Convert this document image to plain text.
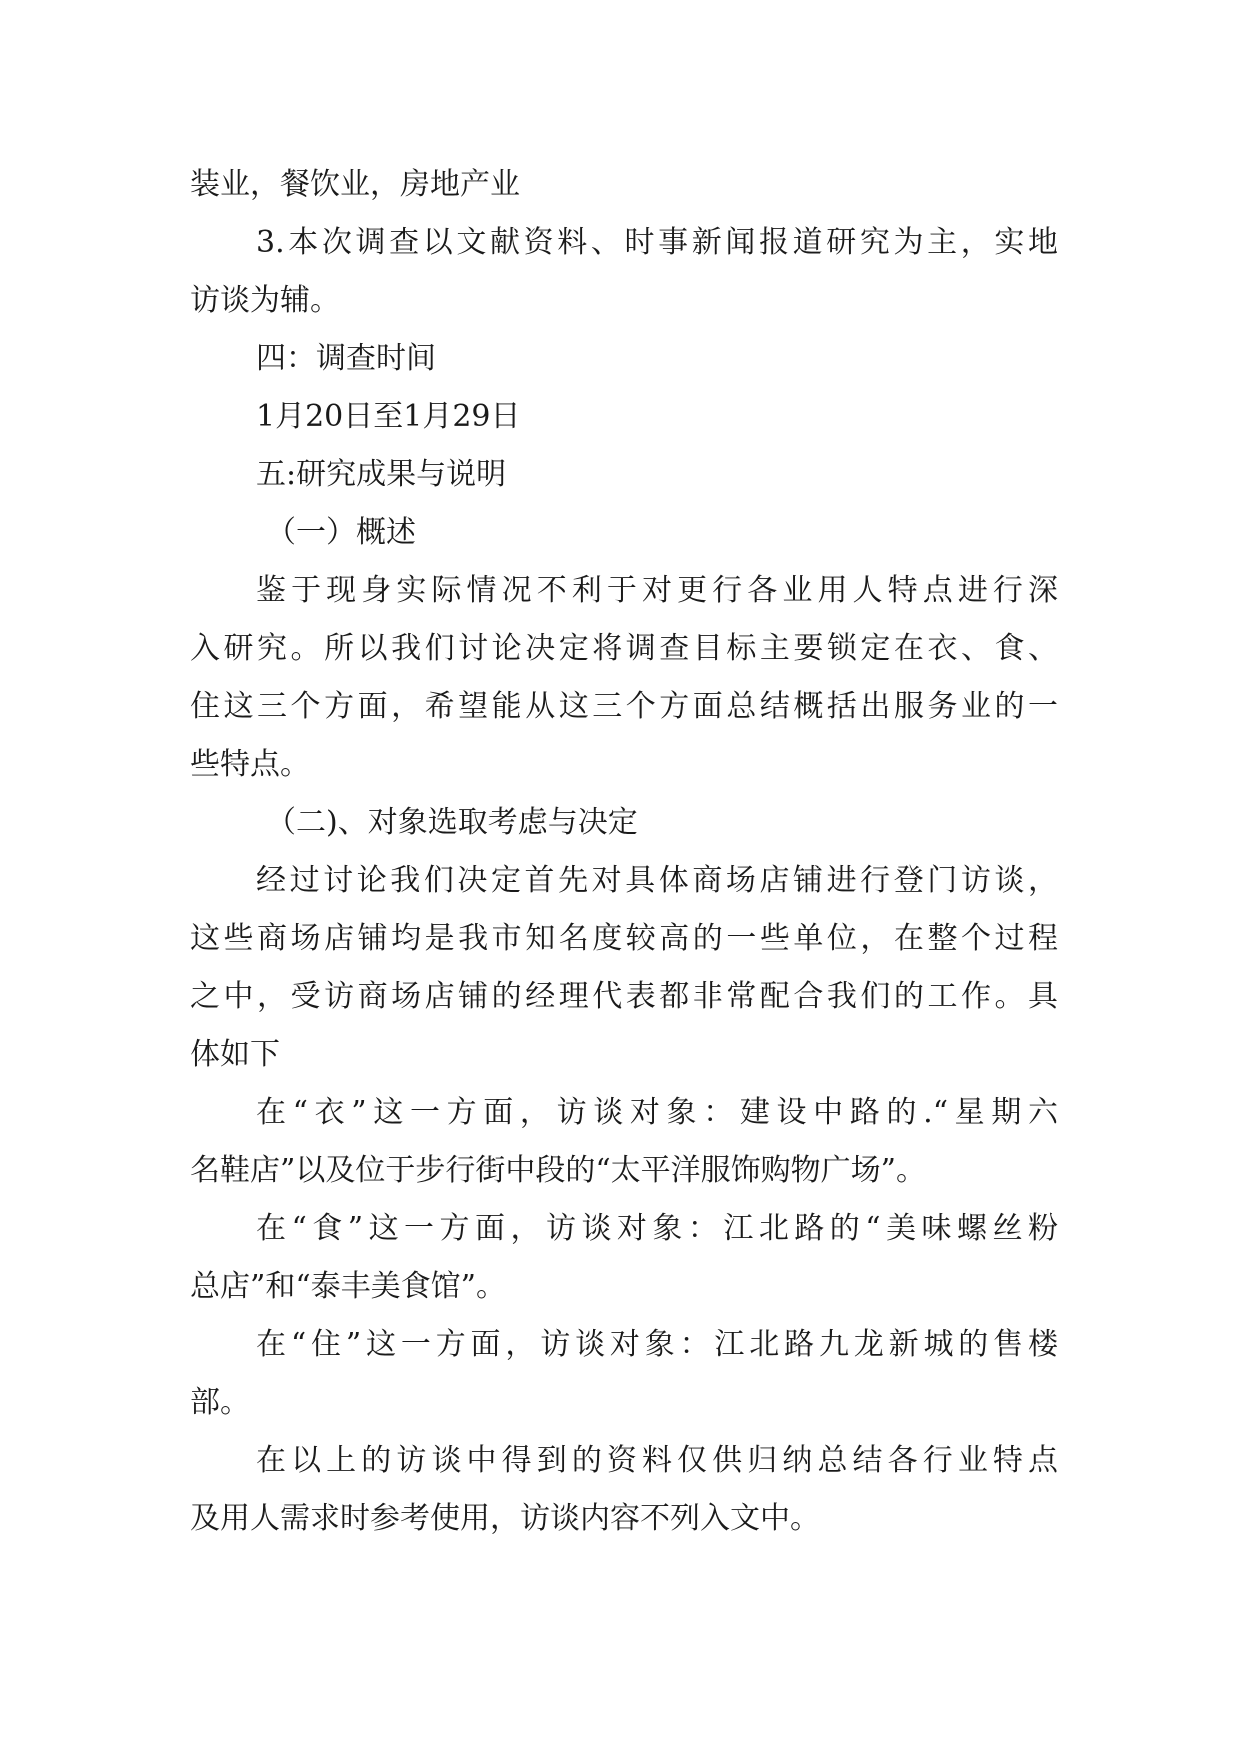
装业，餐饮业，房地产业
3.本次调查以文献资料、时事新闻报道研究为主，实地
访谈为辅。
四：调查时间
1月20日至1月29日
五:研究成果与说明
（一）概述
鉴于现身实际情况不利于对更行各业用人特点进行深
入研究。所以我们讨论决定将调查目标主要锁定在衣、食、
住这三个方面，希望能从这三个方面总结概括出服务业的一
些特点。
（二)、对象选取考虑与决定
经过讨论我们决定首先对具体商场店铺进行登门访谈，
这些商场店铺均是我市知名度较高的一些单位，在整个过程
之中，受访商场店铺的经理代表都非常配合我们的工作。具
体如下
在“衣”这一方面，访谈对象：建设中路的.“星期六
名鞋店”以及位于步行街中段的“太平洋服饰购物广场”。
在“食”这一方面，访谈对象：江北路的“美味螺丝粉
总店”和“泰丰美食馆”。
在“住”这一方面，访谈对象：江北路九龙新城的售楼
部。
在以上的访谈中得到的资料仅供归纳总结各行业特点
及用人需求时参考使用，访谈内容不列入文中。
